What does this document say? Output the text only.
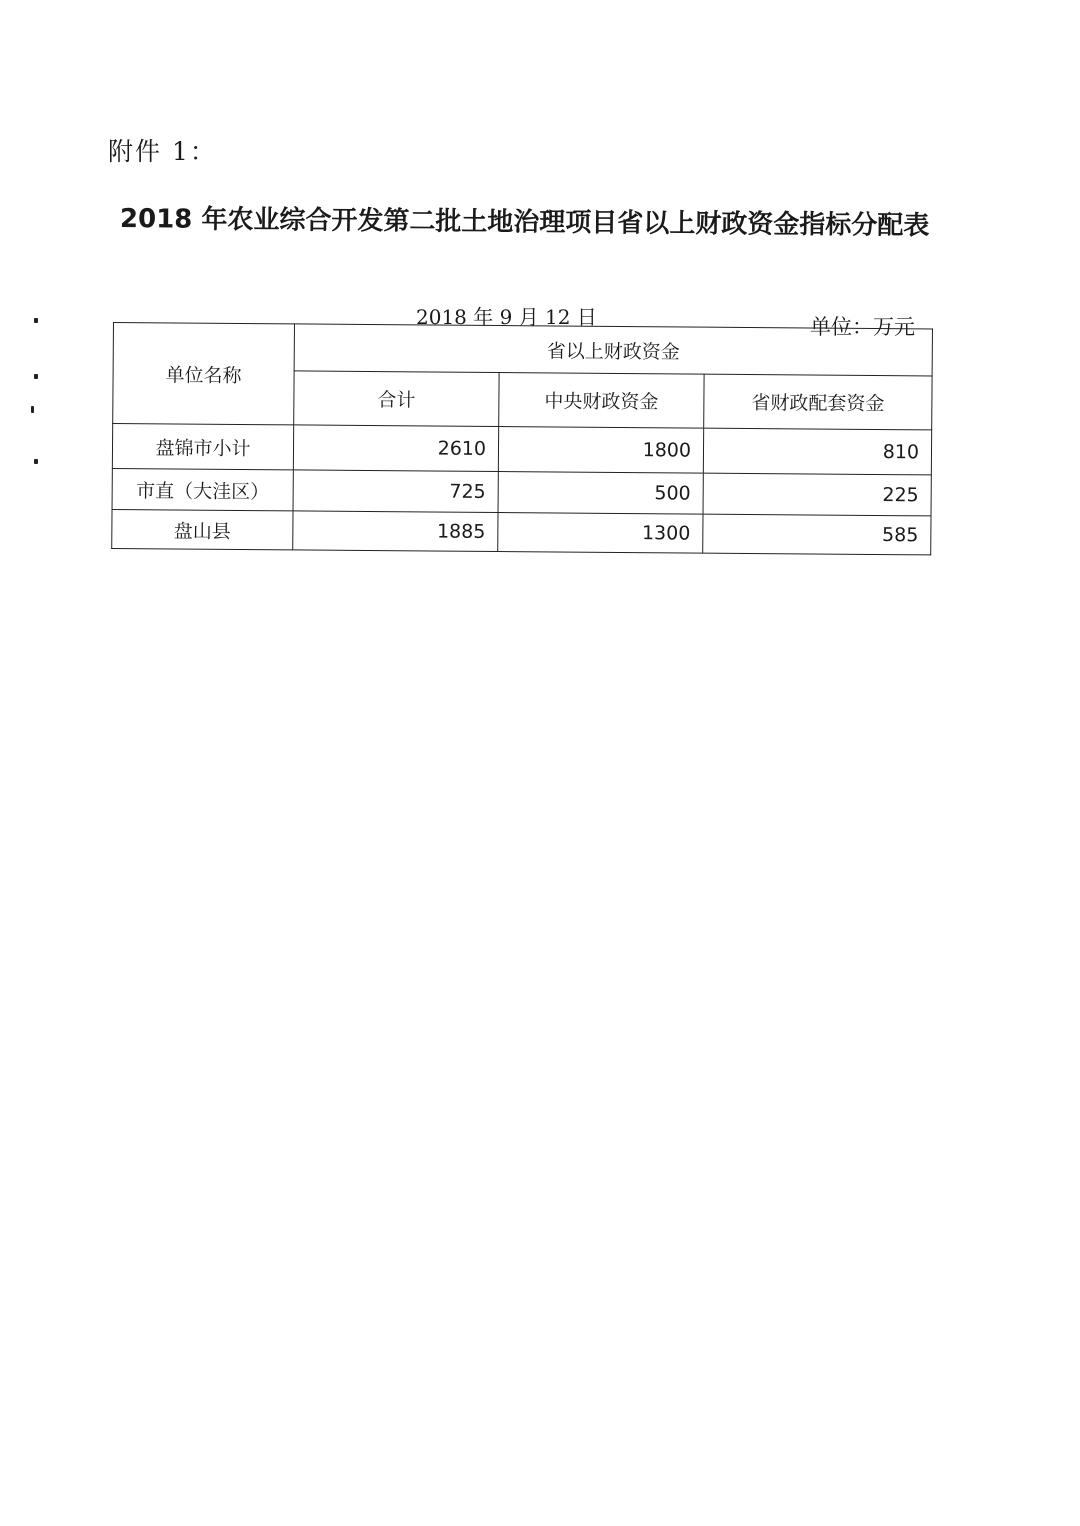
附件 1：
2018 年农业综合开发第二批土地治理项目省以上财政资金指标分配表
2018 年 9 月 12 日	单位：万元
单位名称	省以上财政资金		
	合计	中央财政资金	省财政配套资金
盘锦市小计	2610	1800	810
市直（大洼区）	725	500	225
盘山县	1885	1300	585
